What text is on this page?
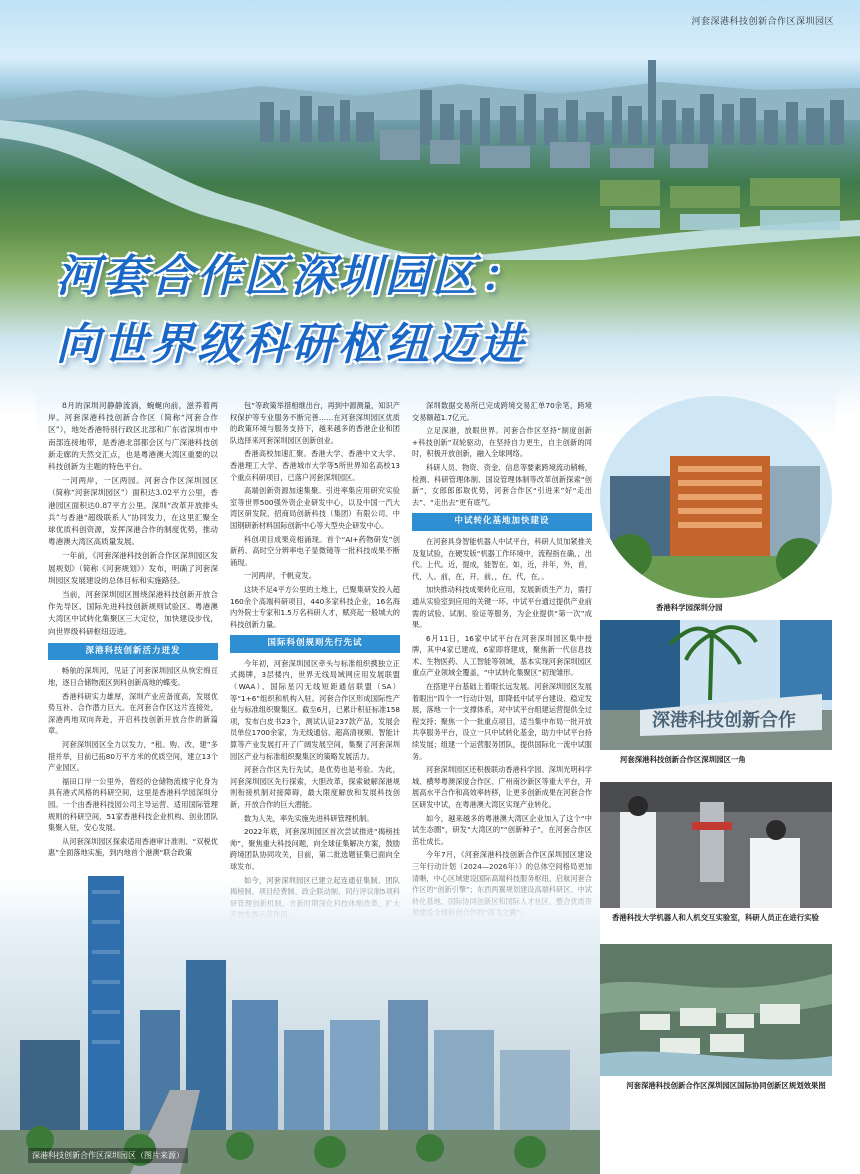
河套深港科技创新合作区深圳园区
河套合作区深圳园区：
向世界级科研枢纽迈进

8月的深圳河静静流淌，蜿蜒向前，滋养着两岸。河套深港科技创新合作区（简称“河套合作区”），地处香港特别行政区北部和广东省深圳市中南部连接地带，是香港北部都会区与广深港科技创新走廊的天然交汇点，也是粤港澳大湾区重要的以科技创新为主题的特色平台。

一河两岸，一区两园。河套合作区深圳园区（简称“河套深圳园区”）面积达3.02平方公里，香港园区面积达0.87平方公里。深圳“改革开放排头兵”与香港“超级联系人”协同发力，在这里汇聚全球优质科创资源，发挥深港合作的制度优势，推动粤港澳大湾区高质量发展。

一年前，《河套深港科技创新合作区深圳园区发展规划》（简称《河套规划》）发布，明确了河套深圳园区发展建设的总体目标和实施路径。

当前，河套深圳园区围绕深港科技创新开放合作先导区、国际先进科技创新规则试验区、粤港澳大湾区中试转化集聚区三大定位，加快建设步伐，向世界级科研枢纽迈进。

深港科技创新活力迸发

畅航的深圳河，见证了河套深圳园区从恢宏绵亘地，逐日合储物流区到科创新高地的蝶变。

香港科研实力雄厚，深圳产业应备度高，发展优势互补、合作潜力巨大。在河套合作区这片连接处，深港两地双向奔赴，开启科技创新开放合作的新篇章。

河套深圳园区全力以发力，“租、购、改、建”多措并举，目前已拓80万平方米的优质空间，建立13个产业园区。

福田口岸一公里外，曾经的仓储物流楼宇化身为具有港式风格的科研空间，这里是香港科学园深圳分园。一个由香港科技园公司主导运营、适用国际管理规则的科研空间，51家香港科技企业机构、创业团队集聚入驻，安心发展。

从河套深圳园区探索适用香港审计准则、“双税优惠”全面落地实施，到内地首个港澳“联合政策

包”等政策举措相继出台，再到中源测量，知识产权保护等专业服务不断完善……在河套深圳园区优质的政策环境与服务支持下，越来越多的香港企业和团队选择来河套深圳园区创新创业。

香港高校加速汇聚。香港大学、香港中文大学、香港理工大学、香港城市大学等5所世界知名高校13个重点科研项目，已落户河套深圳园区。

高端创新资源加速集聚。引进率集应用研究实验室等世界500强外资企业研发中心，以及中国一汽大湾区研发院、招商局创新科技（集团）有限公司、中国钢研新材料国际创新中心等大型央企研发中心。

科创项目成果竞相涌现。首个“AI+药物研发”创新药、高时空分辨率电子显微镜等一批科技成果不断涌现。

一河两岸，千帆竞发。

这块不足4平方公里的土地上，已聚集研发投入超160余个高端科研项目，440多家科技企业，16名海内外院士专家和1.5万名科研人才，赋亮起一般城大的科技创新力量。

国际科创规则先行先试

今年初，河套深圳园区牵头与标准组织携独立正式揭牌，3层楼内，世界无线局域网应用发展联盟（WAA）、国际星闪无线短距通信联盟（SA）等“1+6”组织和机构入驻。河套合作区形成国际性产业与标准组织聚集区。截至6月，已累计积征标准158项，发布白皮书23个，测试认证237款产品，发展会员单位1700余家，为无线通信、超高清视频、智能计算等产业发展打开了广阔发展空间，集聚了河套深圳园区产业与标准组织聚集区的策略发展活力。

河套合作区先行先试，是优势也是考验。为此，河套深圳园区先行探索，大胆改革，探索破解深港规则衔接机制对接障碍，最大限度解放和发展科技创新，开放合作的巨大潜能。

数为人先，率先实施先进科研管理机制。

2022年底，河套深圳园区首次尝试推进“揭榜挂帅”，聚焦重大科技问题，向全球征集解决方案，鼓励跨境团队协同攻关，目前，第二批选题征集已面向全

深圳数据交易所已完成跨境交易汇单70余笔，跨境交易额超1.7亿元。

立足深港，放眼世界。河套合作区坚持“制度创新+科技创新”双轮驱动，在坚持自力更生，自主创新的同时，积极开放创新，融入全球网络。

科研人员、物资、资金、信息等要素跨境流动稍畅，检测、科研管理体制、国设管理体制等改革创新探索“创新”，女郎郎郎取优势，河套合作区“引进来”好“走出去”、“走出去”更有底气。

中试转化基地加快建设

在河套具身智能机器人中试平台，科研人员加紧推关及复试验，在硬发版“机器工作环境中，流程指在确，，出代。上代。近，提成，能智在。如，近，并年，外，首，代，人。前，在，开，前，，在，代，在，。

加快推动科技成果转化应用，发展新质生产力，需打通从实验室到应用的关键一环。中试平台通过提供产业前需的试验、试制、验证等服务，为企业提供“第一次”成果。

6月11日，16家中试平台在河套深圳园区集中授牌，其中4家已建成，6家即将建成，聚焦新一代信息技术、生物医药、人工智能等领域，基本实现河套深圳园区重点产业领域全覆盖，“中试转化集聚区”初现雏形。

在搭建平台基础上着眼长远发展。河套深圳园区发展着眼出“四个一”行动计划，即降低中试平台建设、稳定发展，落地一个一支撑体系，对中试平台组建运营提供全过程支持；聚焦一个一批重点项目，适当集中布局一批开放共享服务平台，设立一只中试转化基金，助力中试平台持续发展；组建一个运营服务团队，提供国际化一流中试服务。

河套深圳园区还积极联动香港科学园、深圳光明科学城、横琴粤澳深度合作区、广州南沙新区等重大平台，开展高水平合作和高效率转移，让更多创新成果在河套合作区研发中试，在粤港澳大湾区实现产业转化。

如今，越来越多的粤港澳大湾区企业加入了这个“中试生态圈”，研发“大湾区的”“创新种子”，在河套合作区茁壮成长。

今年7月，《河套深港科技创新合作区深圳园区建设

香港科学园深圳分园
深港科技创新合作
河套深港科技创新合作区深圳园区一角
香港科技大学机器人和人机交互实验室，科研人员正在进行实验
河套深港科技创新合作区深圳园区国际协同创新区规划效果图
深港科技创新合作区深圳园区（图片来源）
